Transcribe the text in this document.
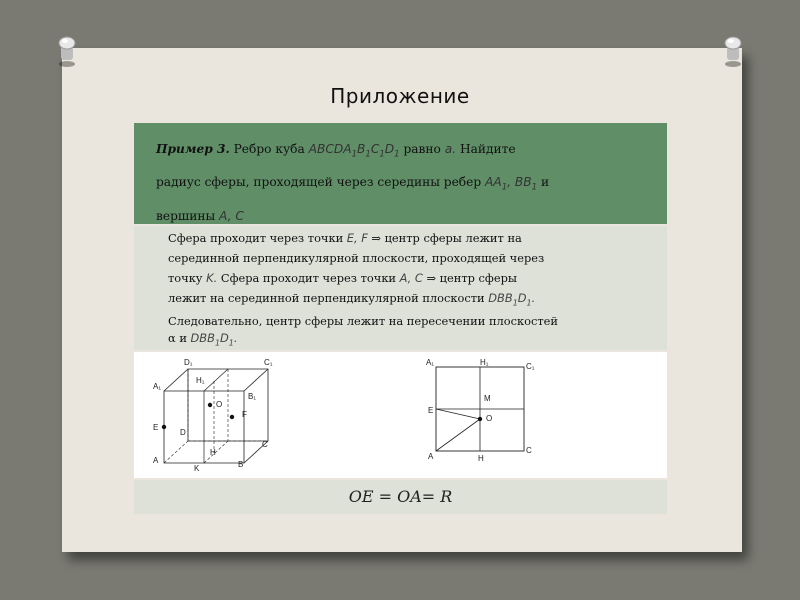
Приложение
Пример 3. Ребро куба $ABCDA_1B_1C_1D_1$ равно a. Найдите
радиус сферы, проходящей через середины ребер $AA_1$, $BB_1$ и
вершины A, C
Сфера проходит через точки E, F ⇒ центр сферы лежит на
серединной перпендикулярной плоскости, проходящей через
точку K. Сфера проходит через точки A, C ⇒ центр сферы
лежит на серединной перпендикулярной плоскости $DBB_1D_1$.
Следовательно, центр сферы лежит на пересечении плоскостей
α и $DBB_1D_1$.
D₁	C₁
A₁
H₁
B₁
E
O
F
D
C
H
A
K	B
A₁	H₁	C₁
M
E
O
C
A	H
OE = OA= R
